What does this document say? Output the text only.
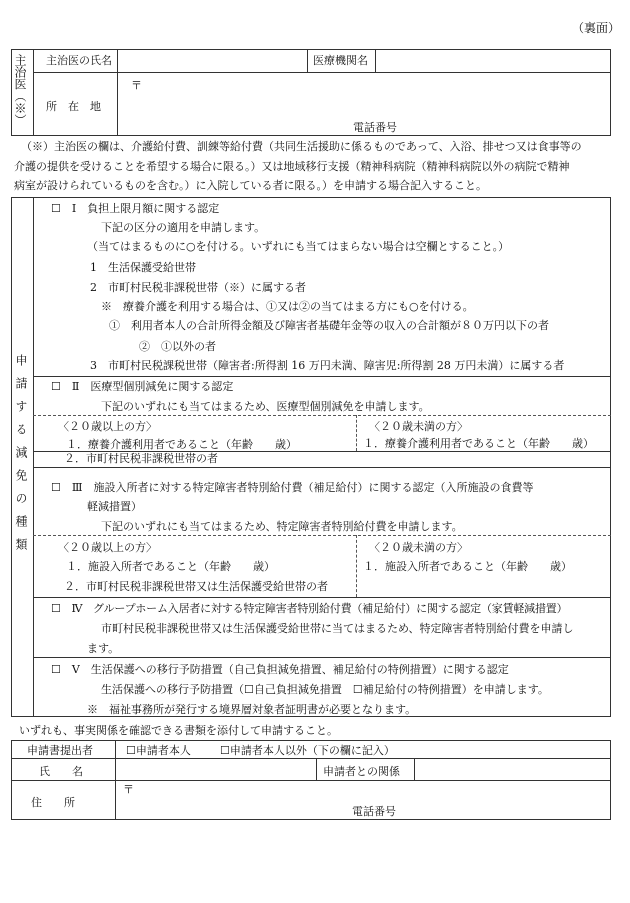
（裏面）
主治医（※） 主治医の氏名	医療機関名
所　在　地
〒
電話番号
（※）主治医の欄は、介護給付費、訓練等給付費（共同生活援助に係るものであって、入浴、排せつ又は食事等の
介護の提供を受けることを希望する場合に限る。）又は地域移行支援（精神科病院（精神科病院以外の病院で精神
病室が設けられているものを含む。）に入院している者に限る。）を申請する場合記入すること。
申請する減免の種類
☐　Ⅰ　負担上限月額に関する認定
下記の区分の適用を申請します。
（当てはまるものに○を付ける。いずれにも当てはまらない場合は空欄とすること。）
1　生活保護受給世帯
2　市町村民税非課税世帯（※）に属する者
※　療養介護を利用する場合は、①又は②の当てはまる方にも○を付ける。
①　利用者本人の合計所得金額及び障害者基礎年金等の収入の合計額が８０万円以下の者
②　①以外の者
3　市町村民税課税世帯（障害者:所得割 16 万円未満、障害児:所得割 28 万円未満）に属する者
☐　Ⅱ　医療型個別減免に関する認定
下記のいずれにも当てはまるため、医療型個別減免を申請します。
〈２０歳以上の方〉
１．療養介護利用者であること（年齢　　歳）
２．市町村民税非課税世帯の者
〈２０歳未満の方〉
１．療養介護利用者であること（年齢　　歳）
☐　Ⅲ　施設入所者に対する特定障害者特別給付費（補足給付）に関する認定（入所施設の食費等
軽減措置）
下記のいずれにも当てはまるため、特定障害者特別給付費を申請します。
〈２０歳以上の方〉
１．施設入所者であること（年齢　　歳）
２．市町村民税非課税世帯又は生活保護受給世帯の者
〈２０歳未満の方〉
１．施設入所者であること（年齢　　歳）
☐　Ⅳ　グループホーム入居者に対する特定障害者特別給付費（補足給付）に関する認定（家賃軽減措置）
市町村民税非課税世帯又は生活保護受給世帯に当てはまるため、特定障害者特別給付費を申請し
ます。
☐　Ⅴ　生活保護への移行予防措置（自己負担減免措置、補足給付の特例措置）に関する認定
生活保護への移行予防措置（☐自己負担減免措置　☐補足給付の特例措置）を申請します。
※　福祉事務所が発行する境界層対象者証明書が必要となります。
いずれも、事実関係を確認できる書類を添付して申請すること。
申請書提出者	☐申請者本人	☐申請者本人以外（下の欄に記入）
氏　　名	申請者との関係
住　　所
〒
電話番号
